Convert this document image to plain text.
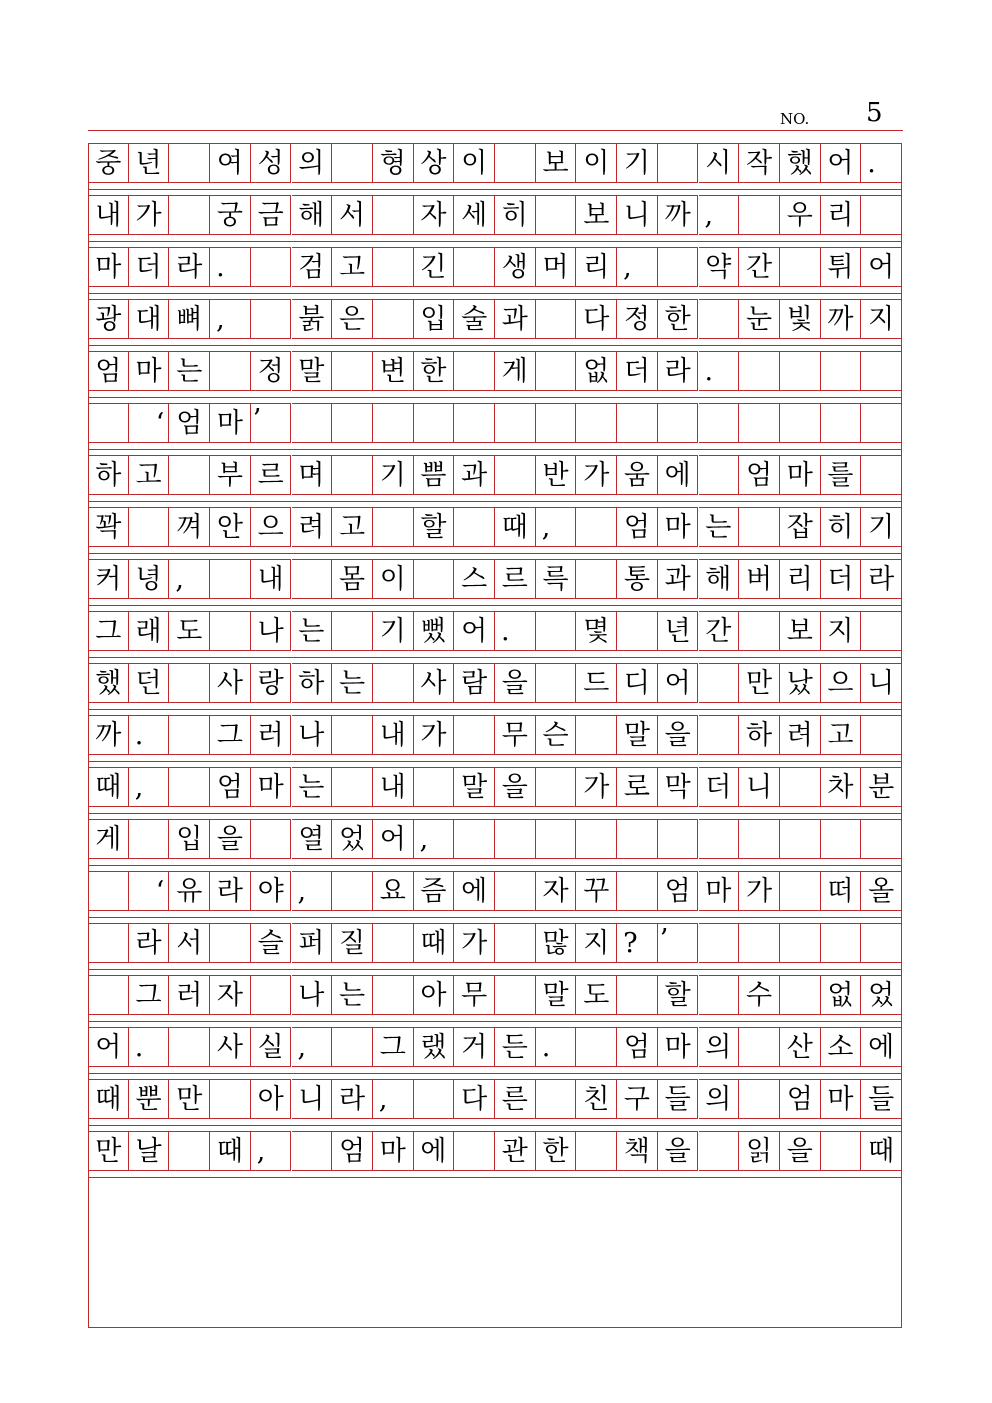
NO. 5
중 년 여 성 의 형 상 이 보 이 기 시 작 했 어 .
내 가 궁 금 해 서 자 세 히 보 니 까 ,	우 리
마 더 라 .	검 고 긴 생 머 리 ,	약 간 튀 어
광 대 뼈 ,	붉 은 입 술 과 다 정 한 눈 빛 까 지
엄 마 는 정 말 변 한 게 없 더 라 .
‘ 엄 마 ’
하 고 부 르 며 기 쁨 과 반 가 움 에 엄 마 를
꽉 껴 안 으 려 고 할 때 ,	엄 마 는 잡 히 기
커 녕 ,	내 몸 이 스 르 륵 통 과 해 버 리 더 라
그 래 도 나 는 기 뻤 어 .	몇 년 간 보 지
했 던 사 랑 하 는 사 람 을 드 디 어 만 났 으 니
까 .	그 러 나 내 가 무 슨 말 을 하 려 고
때 ,	엄 마 는 내 말 을 가 로 막 더 니 차 분
게 입 을 열 었 어 ,
‘ 유 라 야 ,	요 즘 에 자 꾸 엄 마 가 떠 올
라 서 슬 퍼 질 때 가 많 지 ? ’
그 러 자 나 는 아 무 말 도 할 수 없 었
어 .	사 실 ,	그 랬 거 든 .	엄 마 의 산 소 에
때 뿐 만 아 니 라 ,	다 른 친 구 들 의 엄 마 들
만 날 때 ,	엄 마 에 관 한 책 을 읽 을 때
